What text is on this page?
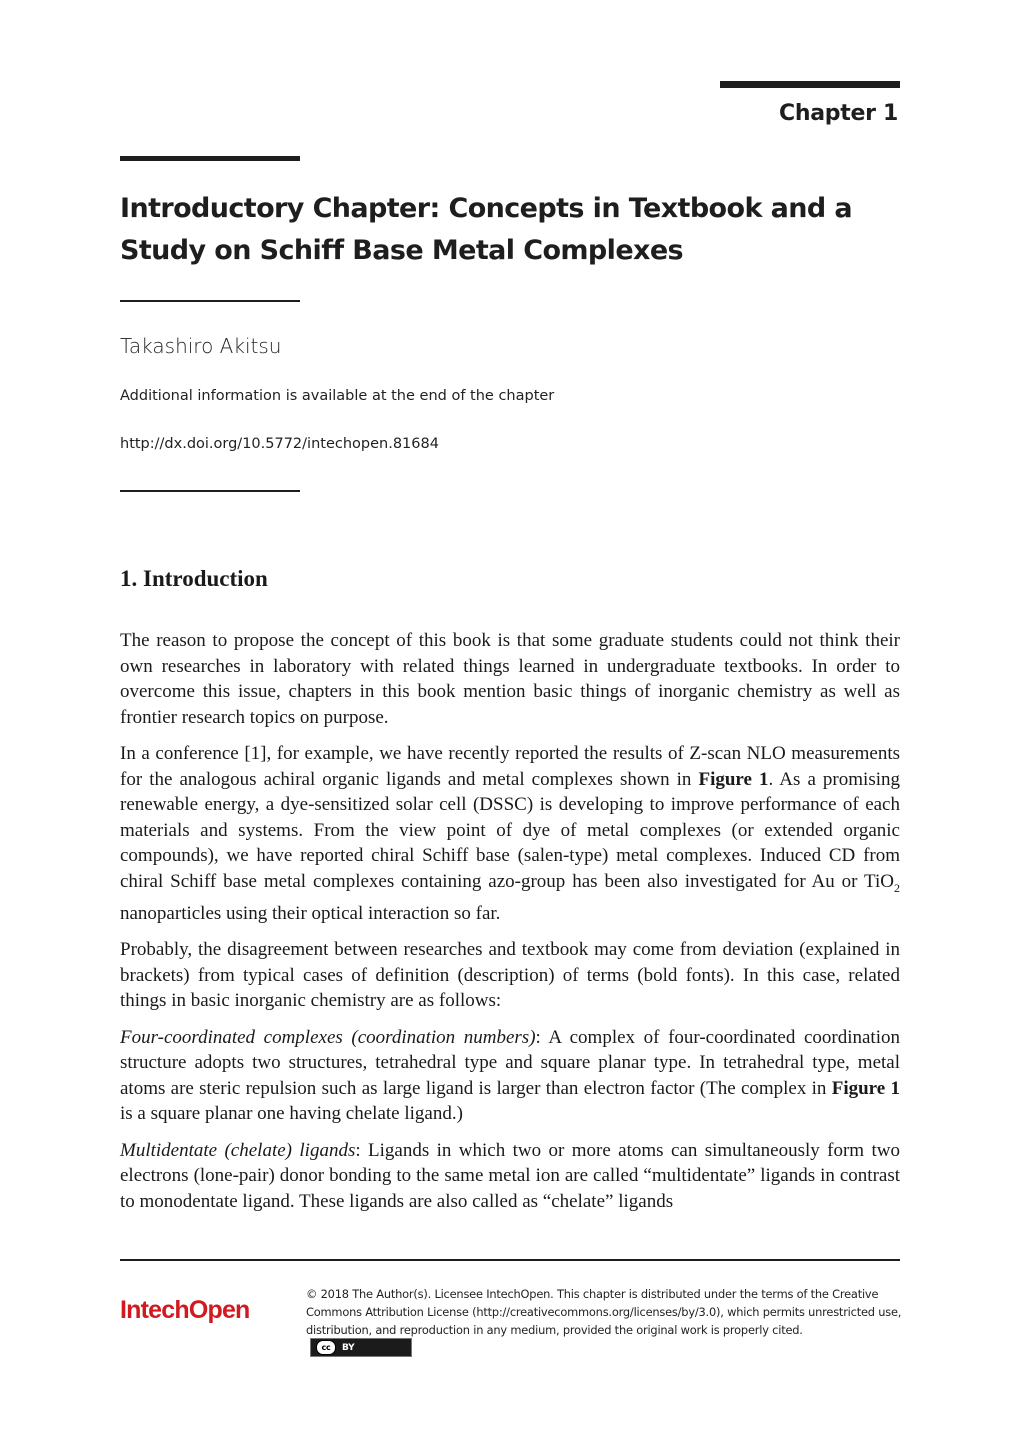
Chapter 1
Introductory Chapter: Concepts in Textbook and a
Study on Schiff Base Metal Complexes
Takashiro Akitsu
Additional information is available at the end of the chapter
http://dx.doi.org/10.5772/intechopen.81684
1. Introduction

The reason to propose the concept of this book is that some graduate students could not think their own researches in laboratory with related things learned in undergraduate textbooks. In order to overcome this issue, chapters in this book mention basic things of inorganic chemistry as well as frontier research topics on purpose.

In a conference [1], for example, we have recently reported the results of Z-scan NLO measurements for the analogous achiral organic ligands and metal complexes shown in Figure 1. As a promising renewable energy, a dye-sensitized solar cell (DSSC) is developing to improve performance of each materials and systems. From the view point of dye of metal complexes (or extended organic compounds), we have reported chiral Schiff base (salen-type) metal complexes. Induced CD from chiral Schiff base metal complexes containing azo-group has been also investigated for Au or TiO$_2$ nanoparticles using their optical interaction so far.

Probably, the disagreement between researches and textbook may come from deviation (explained in brackets) from typical cases of definition (description) of terms (bold fonts). In this case, related things in basic inorganic chemistry are as follows:

Four-coordinated complexes (coordination numbers): A complex of four-coordinated coordination structure adopts two structures, tetrahedral type and square planar type. In tetrahedral type, metal atoms are steric repulsion such as large ligand is larger than electron factor (The complex in Figure 1 is a square planar one having chelate ligand.)

Multidentate (chelate) ligands: Ligands in which two or more atoms can simultaneously form two electrons (lone-pair) donor bonding to the same metal ion are called “multidentate” ligands in contrast to monodentate ligand. These ligands are also called as “chelate” ligands

IntechOpen
© 2018 The Author(s). Licensee IntechOpen. This chapter is distributed under the terms of the Creative Commons Attribution License (http://creativecommons.org/licenses/by/3.0), which permits unrestricted use, distribution, and reproduction in any medium, provided the original work is properly cited.
cc	BY
